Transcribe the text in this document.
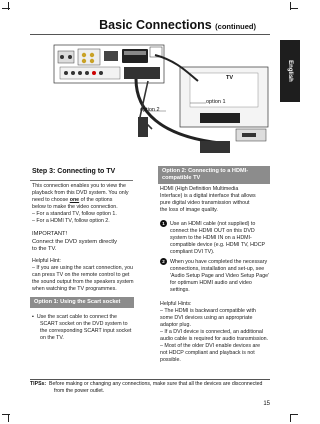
Basic Connections (continued)
English
option 2
option 1
TV
Step 3: Connecting to TV

This connection enables you to view the

playback from this DVD system. You only

need to choose one of the options

below to make the video connection.

– For a standard TV, follow option 1.

– For a HDMI TV, follow option 2.

IMPORTANT!

Connect the DVD system directly

to the TV.

Helpful Hint:

– If you are using the scart connection, you

can press TV on the remote control to get

the sound output from the speakers system

when watching the TV programmes.

Option 1: Using the Scart socket

▪  Use the scart cable to connect the

SCART socket on the DVD system to

the corresponding SCART input socket

on the TV.

Option 2: Connecting to a HDMI-
compatible TV

HDMI (High Definition Multimedia

Interface) is a digital interface that allows

pure digital video transmission without

the loss of image quality.

1 Use an HDMI cable (not supplied) to

connect the HDMI OUT on this DVD

system to the HDMI IN on a HDMI-

compatible device (e.g. HDMI TV, HDCP

compliant DVI TV).

2 When you have completed the necessary

connections, installation and set-up, see

'Audio Setup Page and Video Setup Page'

for optimum HDMI audio and video

settings.

Helpful Hints:

– The HDMI is backward compatible with

some DVI devices using an appropriate

adaptor plug.

– If a DVI device is connected, an additional

audio cable is required for audio transmission.

– Most of the older DVI enable devices are

not HDCP compliant and playback is not

possible.

TIPSs: Before making or changing any connections, make sure that all the devices are disconnected

from the power outlet.

15
